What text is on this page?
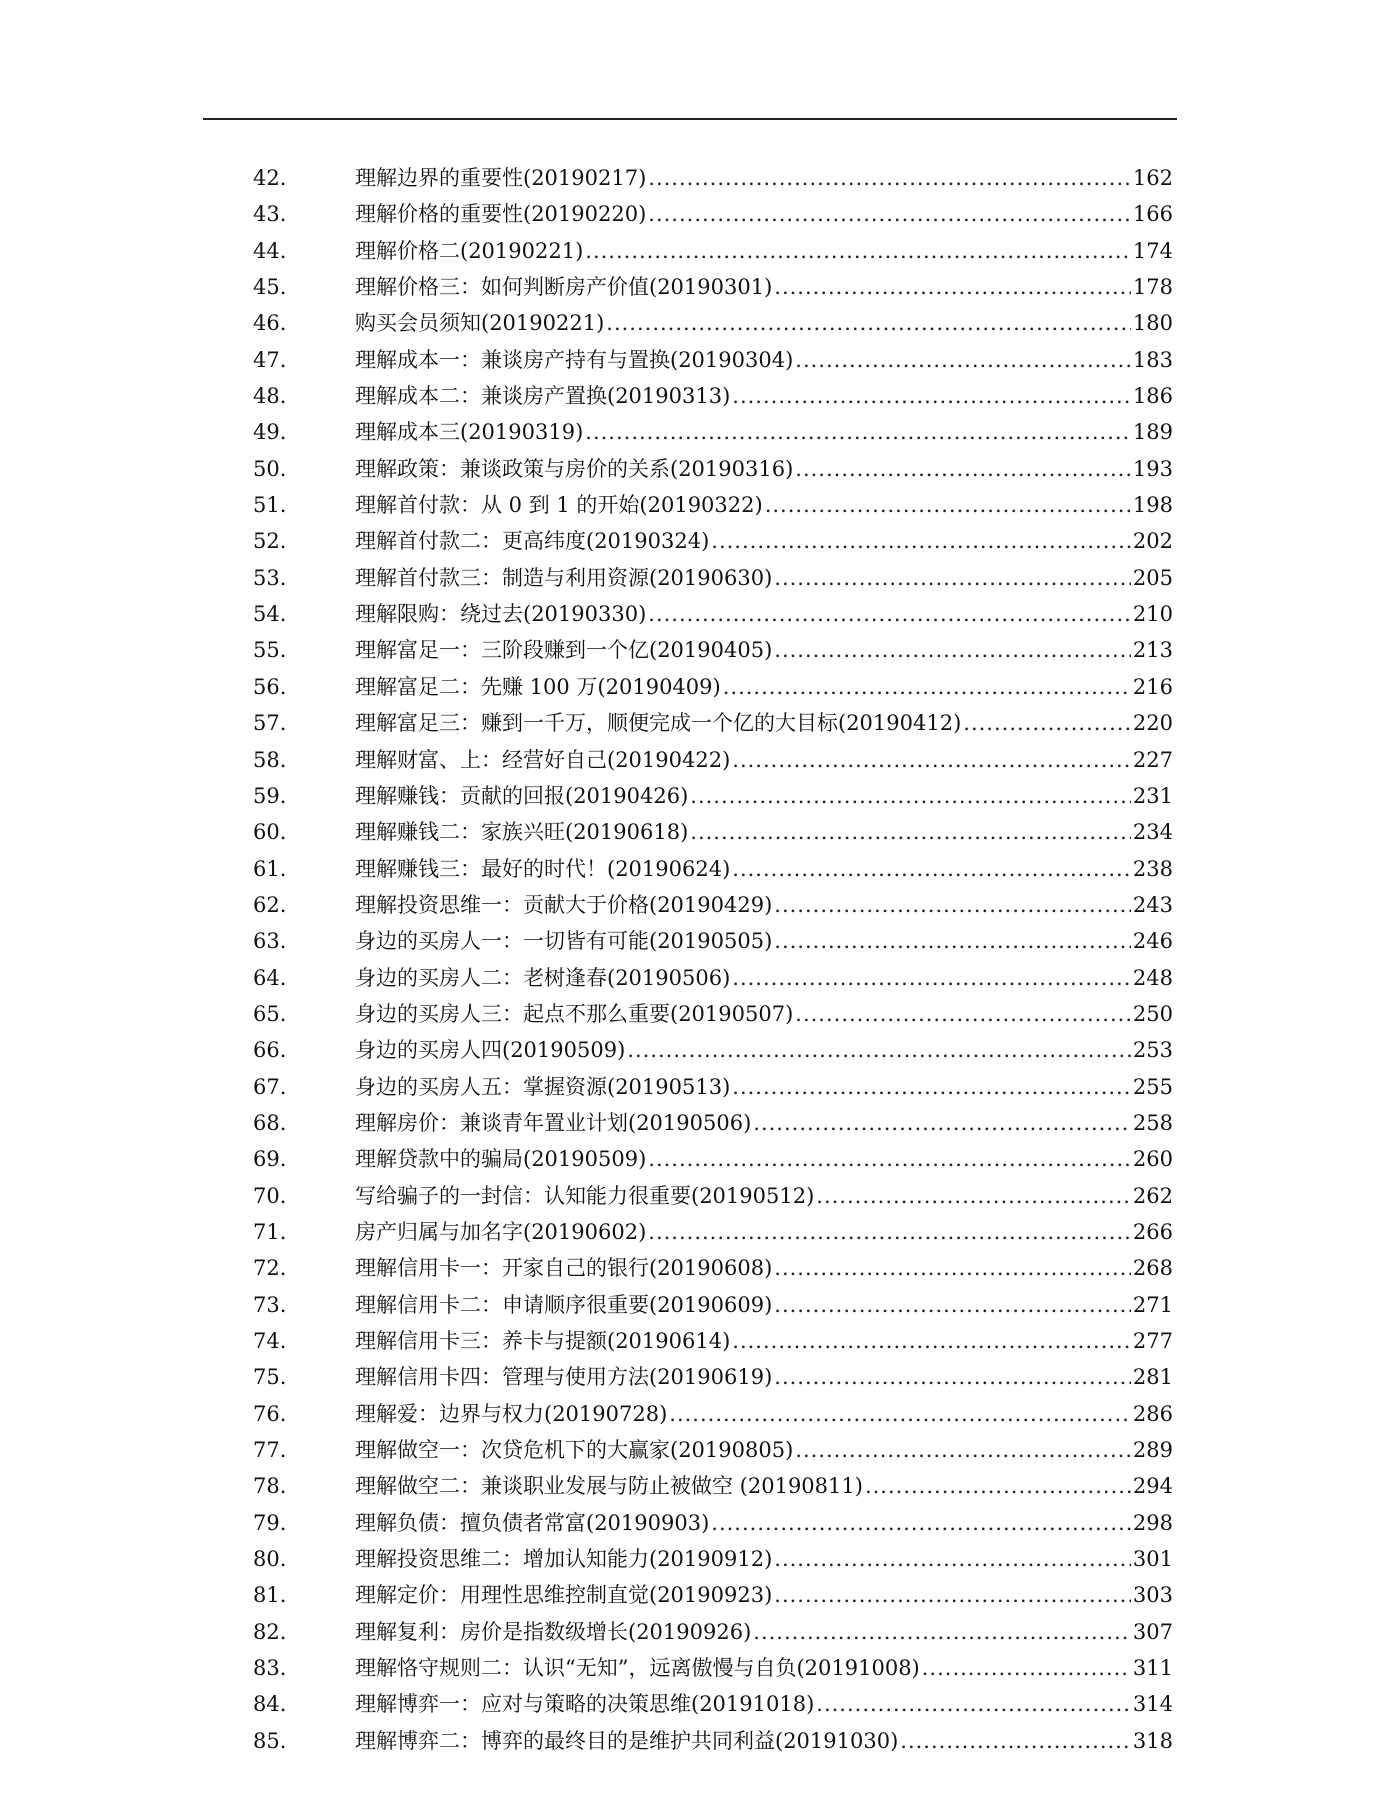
42.	理解边界的重要性(20190217) .....	162
43.	理解价格的重要性(20190220) .....	166
44.	理解价格二(20190221) .....	174
45.	理解价格三：如何判断房产价值(20190301) .....	178
46.	购买会员须知(20190221) .....	180
47.	理解成本一：兼谈房产持有与置换(20190304) .....	183
48.	理解成本二：兼谈房产置换(20190313) .....	186
49.	理解成本三(20190319) .....	189
50.	理解政策：兼谈政策与房价的关系(20190316) .....	193
51.	理解首付款：从 0 到 1 的开始(20190322) .....	198
52.	理解首付款二：更高纬度(20190324) .....	202
53.	理解首付款三：制造与利用资源(20190630) .....	205
54.	理解限购：绕过去(20190330) .....	210
55.	理解富足一：三阶段赚到一个亿(20190405) .....	213
56.	理解富足二：先赚 100 万(20190409) .....	216
57.	理解富足三：赚到一千万，顺便完成一个亿的大目标(20190412) .....	220
58.	理解财富、上：经营好自己(20190422) .....	227
59.	理解赚钱：贡献的回报(20190426) .....	231
60.	理解赚钱二：家族兴旺(20190618) .....	234
61.	理解赚钱三：最好的时代！(20190624) .....	238
62.	理解投资思维一：贡献大于价格(20190429) .....	243
63.	身边的买房人一：一切皆有可能(20190505) .....	246
64.	身边的买房人二：老树逢春(20190506) .....	248
65.	身边的买房人三：起点不那么重要(20190507) .....	250
66.	身边的买房人四(20190509) .....	253
67.	身边的买房人五：掌握资源(20190513) .....	255
68.	理解房价：兼谈青年置业计划(20190506) .....	258
69.	理解贷款中的骗局(20190509) .....	260
70.	写给骗子的一封信：认知能力很重要(20190512) .....	262
71.	房产归属与加名字(20190602) .....	266
72.	理解信用卡一：开家自己的银行(20190608) .....	268
73.	理解信用卡二：申请顺序很重要(20190609) .....	271
74.	理解信用卡三：养卡与提额(20190614) .....	277
75.	理解信用卡四：管理与使用方法(20190619) .....	281
76.	理解爱：边界与权力(20190728) .....	286
77.	理解做空一：次贷危机下的大赢家(20190805) .....	289
78.	理解做空二：兼谈职业发展与防止被做空 (20190811) .....	294
79.	理解负债：擅负债者常富(20190903) .....	298
80.	理解投资思维二：增加认知能力(20190912) .....	301
81.	理解定价：用理性思维控制直觉(20190923) .....	303
82.	理解复利：房价是指数级增长(20190926) .....	307
83.	理解恪守规则二：认识“无知”，远离傲慢与自负(20191008) .....	311
84.	理解博弈一：应对与策略的决策思维(20191018) .....	314
85.	理解博弈二：博弈的最终目的是维护共同利益(20191030) .....	318
